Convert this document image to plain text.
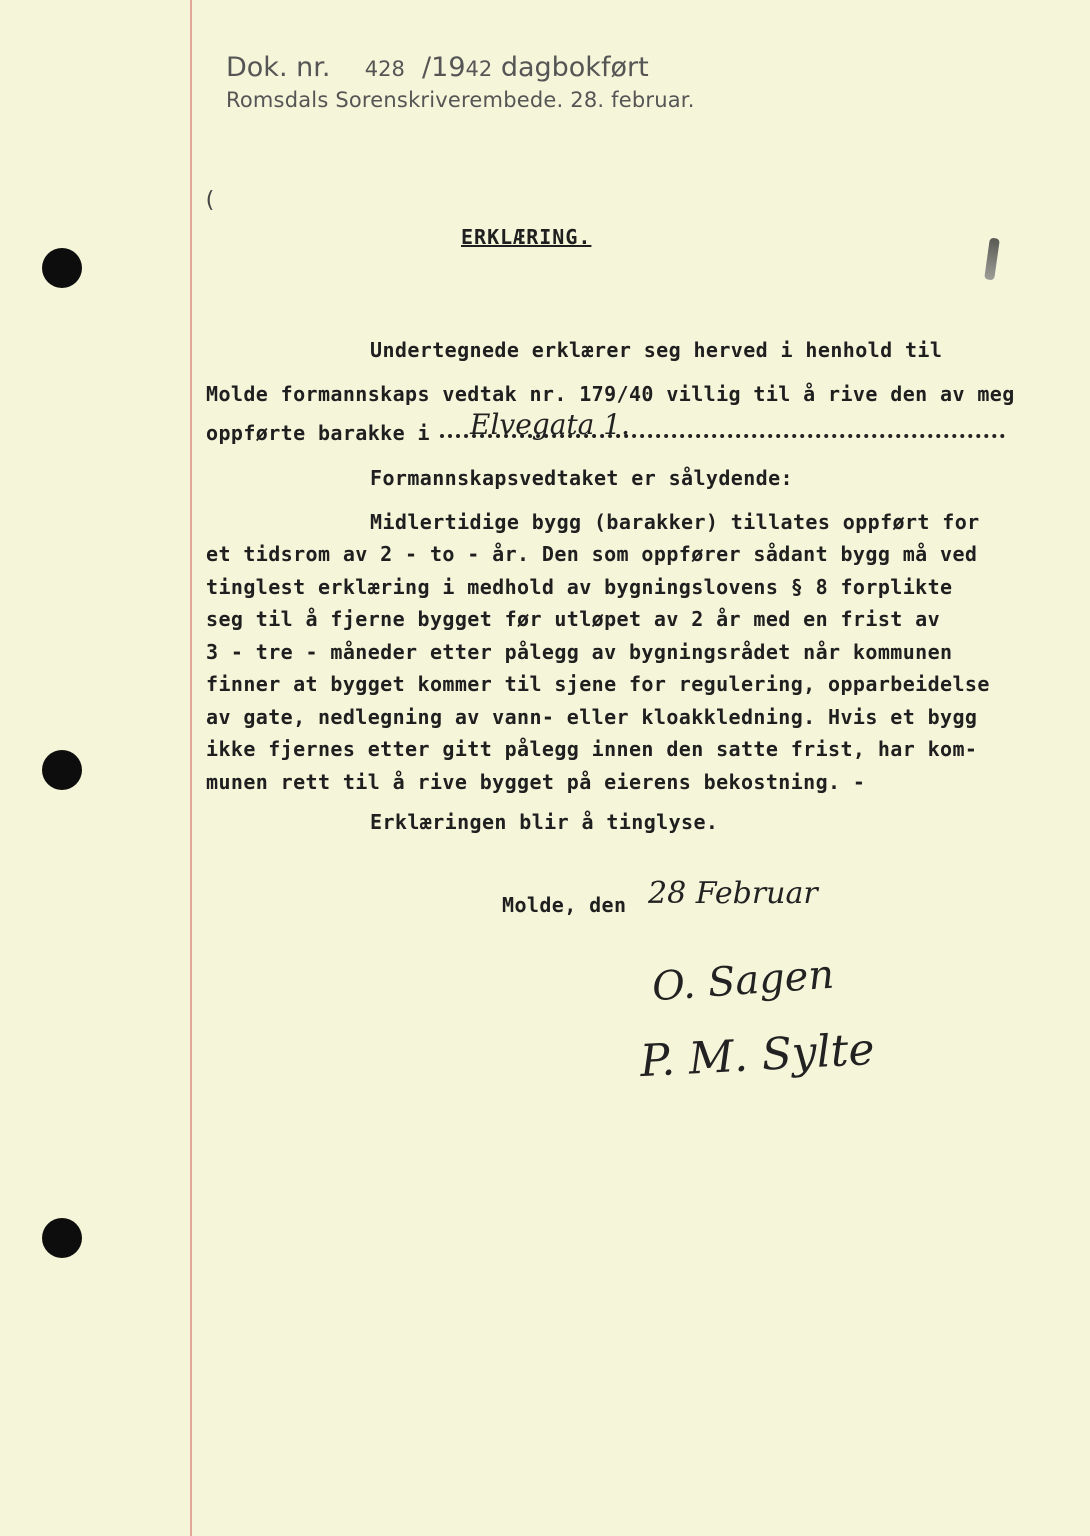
Dok. nr. 428 /1942 dagbokført
Romsdals Sorenskriverembede. 28. februar.
(
ERKLÆRING.
Undertegnede erklærer seg herved i henhold til
Molde formannskaps vedtak nr. 179/40 villig til å rive den av meg
oppførte barakke i Elvegata 1.
Formannskapsvedtaket er sålydende:
Midlertidige bygg (barakker) tillates oppført for
et tidsrom av 2 - to - år. Den som oppfører sådant bygg må ved
tinglest erklæring i medhold av bygningslovens § 8 forplikte
seg til å fjerne bygget før utløpet av 2 år med en frist av
3 - tre - måneder etter pålegg av bygningsrådet når kommunen
finner at bygget kommer til sjene for regulering, opparbeidelse
av gate, nedlegning av vann- eller kloakkledning. Hvis et bygg
ikke fjernes etter gitt pålegg innen den satte frist, har kom-
munen rett til å rive bygget på eierens bekostning. -
Erklæringen blir å tinglyse.
Molde, den 28 Februar
O. Sagen
P. M. Sylte
